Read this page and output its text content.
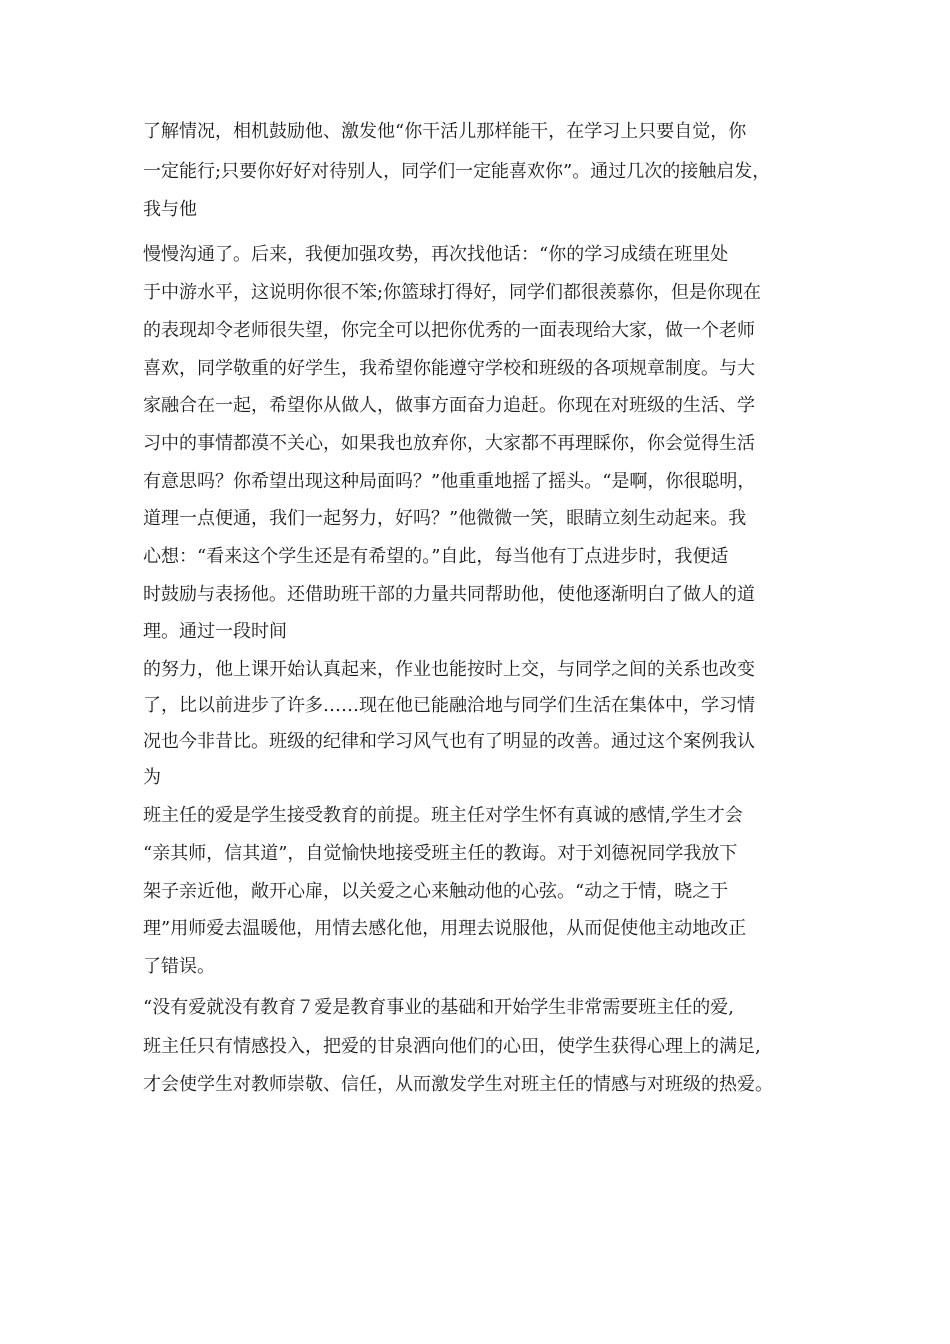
了解情况，相机鼓励他、激发他“你干活儿那样能干，在学习上只要自觉，你
一定能行;只要你好好对待别人，同学们一定能喜欢你”。通过几次的接触启发，
我与他
慢慢沟通了。后来，我便加强攻势，再次找他话：“你的学习成绩在班里处
于中游水平，这说明你很不笨;你篮球打得好，同学们都很羡慕你，但是你现在
的表现却令老师很失望，你完全可以把你优秀的一面表现给大家，做一个老师
喜欢，同学敬重的好学生，我希望你能遵守学校和班级的各项规章制度。与大
家融合在一起，希望你从做人，做事方面奋力追赶。你现在对班级的生活、学
习中的事情都漠不关心，如果我也放弃你，大家都不再理睬你，你会觉得生活
有意思吗？你希望出现这种局面吗？”他重重地摇了摇头。“是啊，你很聪明，
道理一点便通，我们一起努力，好吗？”他微微一笑，眼睛立刻生动起来。我
心想：“看来这个学生还是有希望的。”自此，每当他有丁点进步时，我便适
时鼓励与表扬他。还借助班干部的力量共同帮助他，使他逐渐明白了做人的道
理。通过一段时间
的努力，他上课开始认真起来，作业也能按时上交，与同学之间的关系也改变
了，比以前进步了许多……现在他已能融洽地与同学们生活在集体中，学习情
况也今非昔比。班级的纪律和学习风气也有了明显的改善。通过这个案例我认
为
班主任的爱是学生接受教育的前提。班主任对学生怀有真诚的感情,学生才会
“亲其师，信其道”，自觉愉快地接受班主任的教诲。对于刘德祝同学我放下
架子亲近他，敞开心扉，以关爱之心来触动他的心弦。“动之于情，晓之于
理”用师爱去温暖他，用情去感化他，用理去说服他，从而促使他主动地改正
了错误。
“没有爱就没有教育７爱是教育事业的基础和开始学生非常需要班主任的爱,
班主任只有情感投入，把爱的甘泉洒向他们的心田，使学生获得心理上的满足,
才会使学生对教师崇敬、信任，从而激发学生对班主任的情感与对班级的热爱。
